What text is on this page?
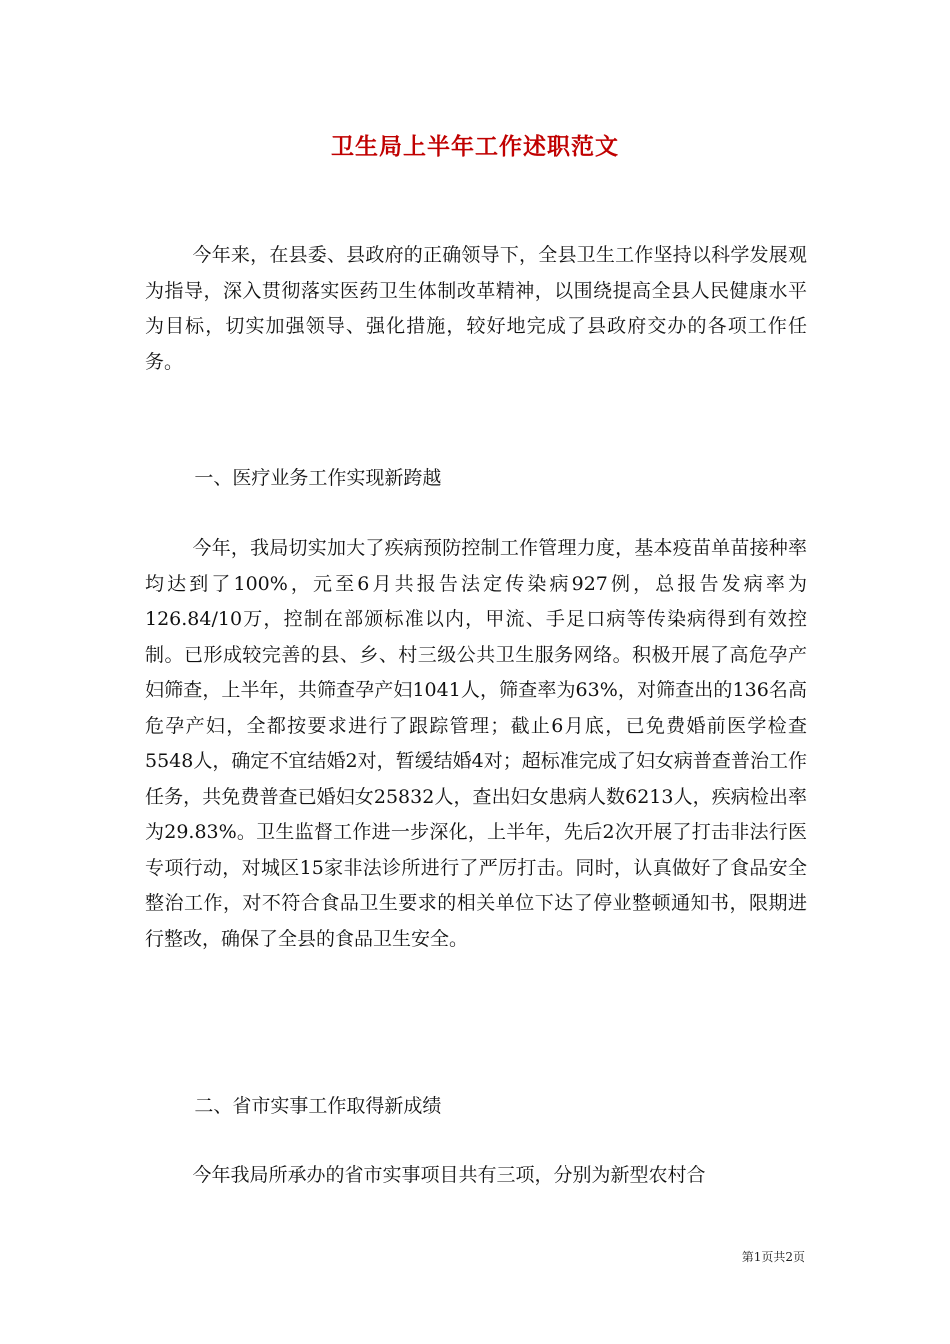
卫生局上半年工作述职范文

今年来，在县委、县政府的正确领导下，全县卫生工作坚持以科学发展观为指导，深入贯彻落实医药卫生体制改革精神，以围绕提高全县人民健康水平为目标，切实加强领导、强化措施，较好地完成了县政府交办的各项工作任务。

一、医疗业务工作实现新跨越

今年，我局切实加大了疾病预防控制工作管理力度，基本疫苗单苗接种率均达到了100%，元至6月共报告法定传染病927例，总报告发病率为126.84/10万，控制在部颁标准以内，甲流、手足口病等传染病得到有效控制。已形成较完善的县、乡、村三级公共卫生服务网络。积极开展了高危孕产妇筛查，上半年，共筛查孕产妇1041人，筛查率为63%，对筛查出的136名高危孕产妇，全都按要求进行了跟踪管理；截止6月底，已免费婚前医学检查5548人，确定不宜结婚2对，暂缓结婚4对；超标准完成了妇女病普查普治工作任务，共免费普查已婚妇女25832人，查出妇女患病人数6213人，疾病检出率为29.83%。卫生监督工作进一步深化，上半年，先后2次开展了打击非法行医专项行动，对城区15家非法诊所进行了严厉打击。同时，认真做好了食品安全整治工作，对不符合食品卫生要求的相关单位下达了停业整顿通知书，限期进行整改，确保了全县的食品卫生安全。

二、省市实事工作取得新成绩

今年我局所承办的省市实事项目共有三项，分别为新型农村合

第1页共2页
